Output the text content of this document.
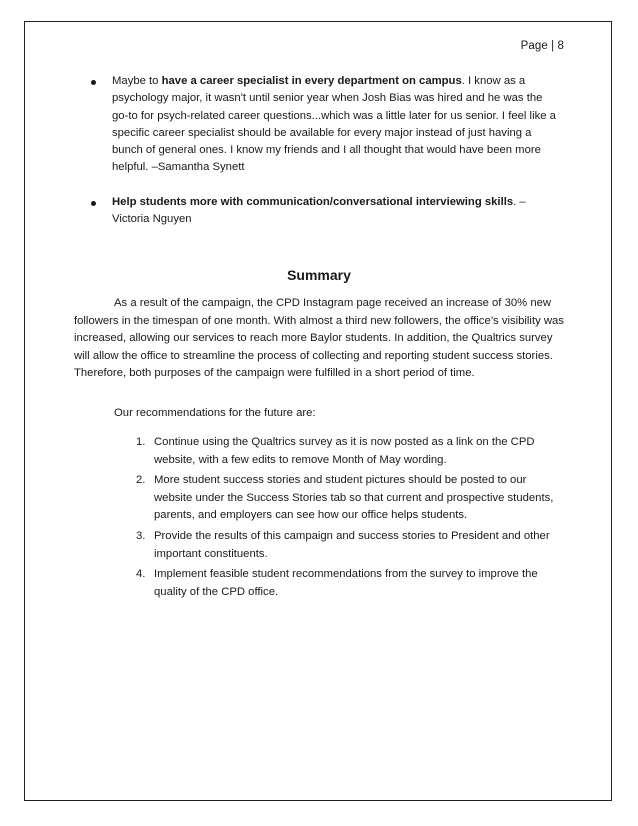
Page | 8
Maybe to have a career specialist in every department on campus. I know as a psychology major, it wasn't until senior year when Josh Bias was hired and he was the go-to for psych-related career questions...which was a little later for us senior. I feel like a specific career specialist should be available for every major instead of just having a bunch of general ones. I know my friends and I all thought that would have been more helpful. –Samantha Synett
Help students more with communication/conversational interviewing skills. –Victoria Nguyen
Summary

As a result of the campaign, the CPD Instagram page received an increase of 30% new followers in the timespan of one month. With almost a third new followers, the office’s visibility was increased, allowing our services to reach more Baylor students. In addition, the Qualtrics survey will allow the office to streamline the process of collecting and reporting student success stories. Therefore, both purposes of the campaign were fulfilled in a short period of time.

Our recommendations for the future are:

1. Continue using the Qualtrics survey as it is now posted as a link on the CPD website, with a few edits to remove Month of May wording.
2. More student success stories and student pictures should be posted to our website under the Success Stories tab so that current and prospective students, parents, and employers can see how our office helps students.
3. Provide the results of this campaign and success stories to President and other important constituents.
4. Implement feasible student recommendations from the survey to improve the quality of the CPD office.
